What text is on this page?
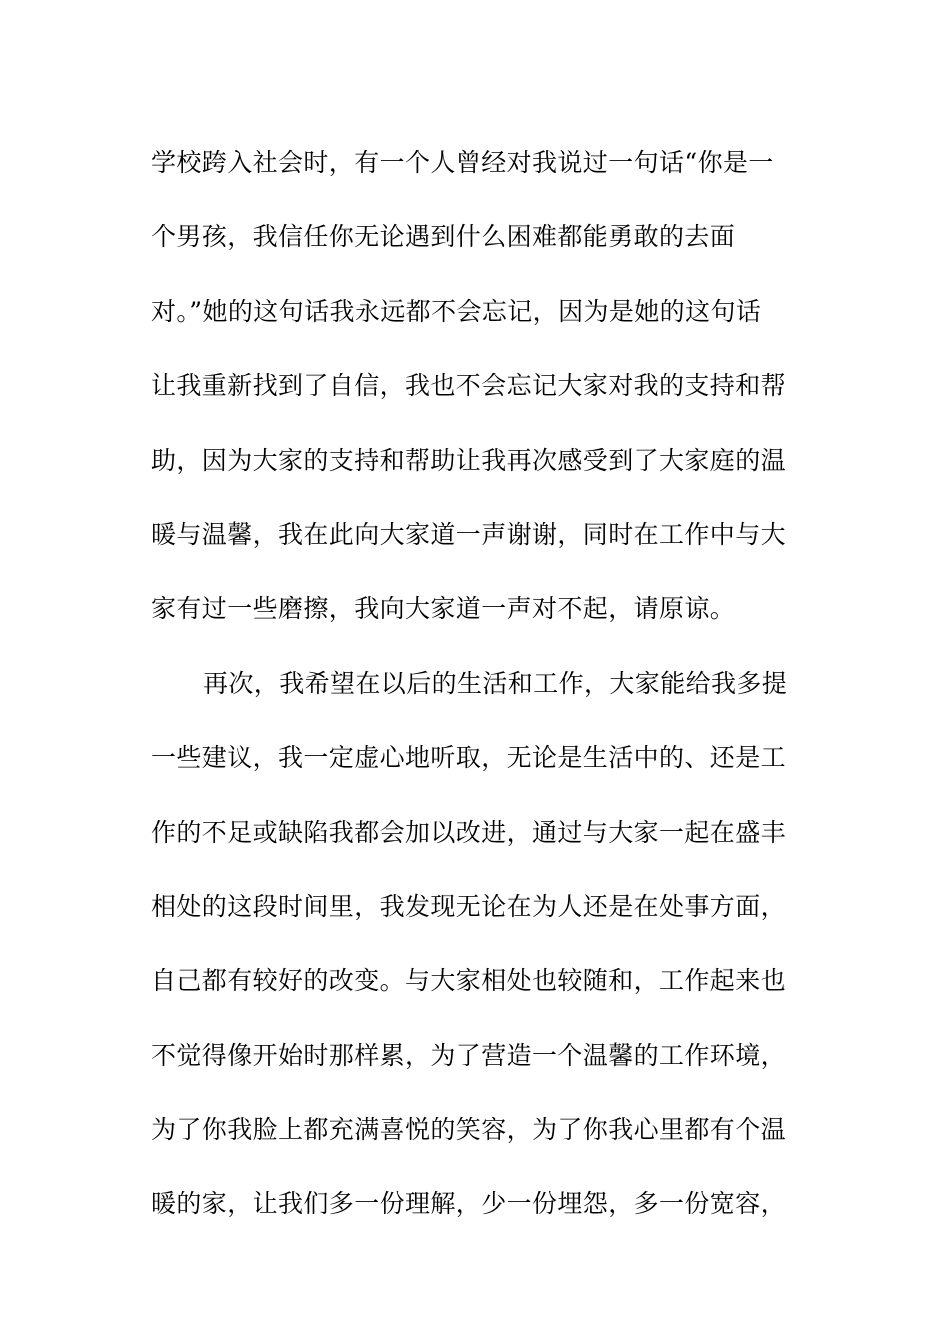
学校跨入社会时，有一个人曾经对我说过一句话“你是一
个男孩，我信任你无论遇到什么困难都能勇敢的去面
对。”她的这句话我永远都不会忘记，因为是她的这句话
让我重新找到了自信，我也不会忘记大家对我的支持和帮
助，因为大家的支持和帮助让我再次感受到了大家庭的温
暖与温馨，我在此向大家道一声谢谢，同时在工作中与大
家有过一些磨擦，我向大家道一声对不起，请原谅。
再次，我希望在以后的生活和工作，大家能给我多提
一些建议，我一定虚心地听取，无论是生活中的、还是工
作的不足或缺陷我都会加以改进，通过与大家一起在盛丰
相处的这段时间里，我发现无论在为人还是在处事方面，
自己都有较好的改变。与大家相处也较随和，工作起来也
不觉得像开始时那样累，为了营造一个温馨的工作环境，
为了你我脸上都充满喜悦的笑容，为了你我心里都有个温
暖的家，让我们多一份理解，少一份埋怨，多一份宽容，
